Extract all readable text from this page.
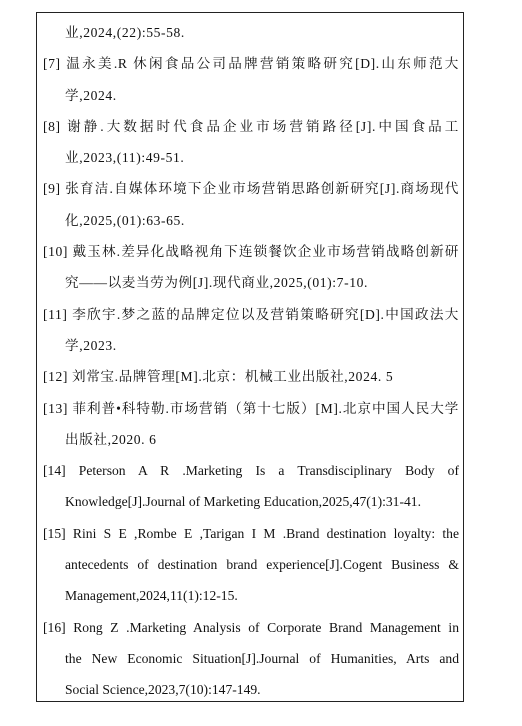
业,2024,(22):55-58.
[7] 温永美.R 休闲食品公司品牌营销策略研究[D].山东师范大
学,2024.
[8] 谢静.大数据时代食品企业市场营销路径[J].中国食品工
业,2023,(11):49-51.
[9] 张育洁.自媒体环境下企业市场营销思路创新研究[J].商场现代
化,2025,(01):63-65.
[10] 戴玉林.差异化战略视角下连锁餐饮企业市场营销战略创新研
究——以麦当劳为例[J].现代商业,2025,(01):7-10.
[11] 李欣宇.梦之蓝的品牌定位以及营销策略研究[D].中国政法大
学,2023.
[12] 刘常宝.品牌管理[M].北京：机械工业出版社,2024. 5
[13] 菲利普•科特勒.市场营销（第十七版）[M].北京中国人民大学
出版社,2020. 6
[14] Peterson A R .Marketing Is a Transdisciplinary Body of
Knowledge[J].Journal of Marketing Education,2025,47(1):31-41.
[15] Rini S E ,Rombe E ,Tarigan I M .Brand destination loyalty: the
antecedents of destination brand experience[J].Cogent Business &
Management,2024,11(1):12-15.
[16] Rong Z .Marketing Analysis of Corporate Brand Management in
the New Economic Situation[J].Journal of Humanities, Arts and
Social Science,2023,7(10):147-149.
